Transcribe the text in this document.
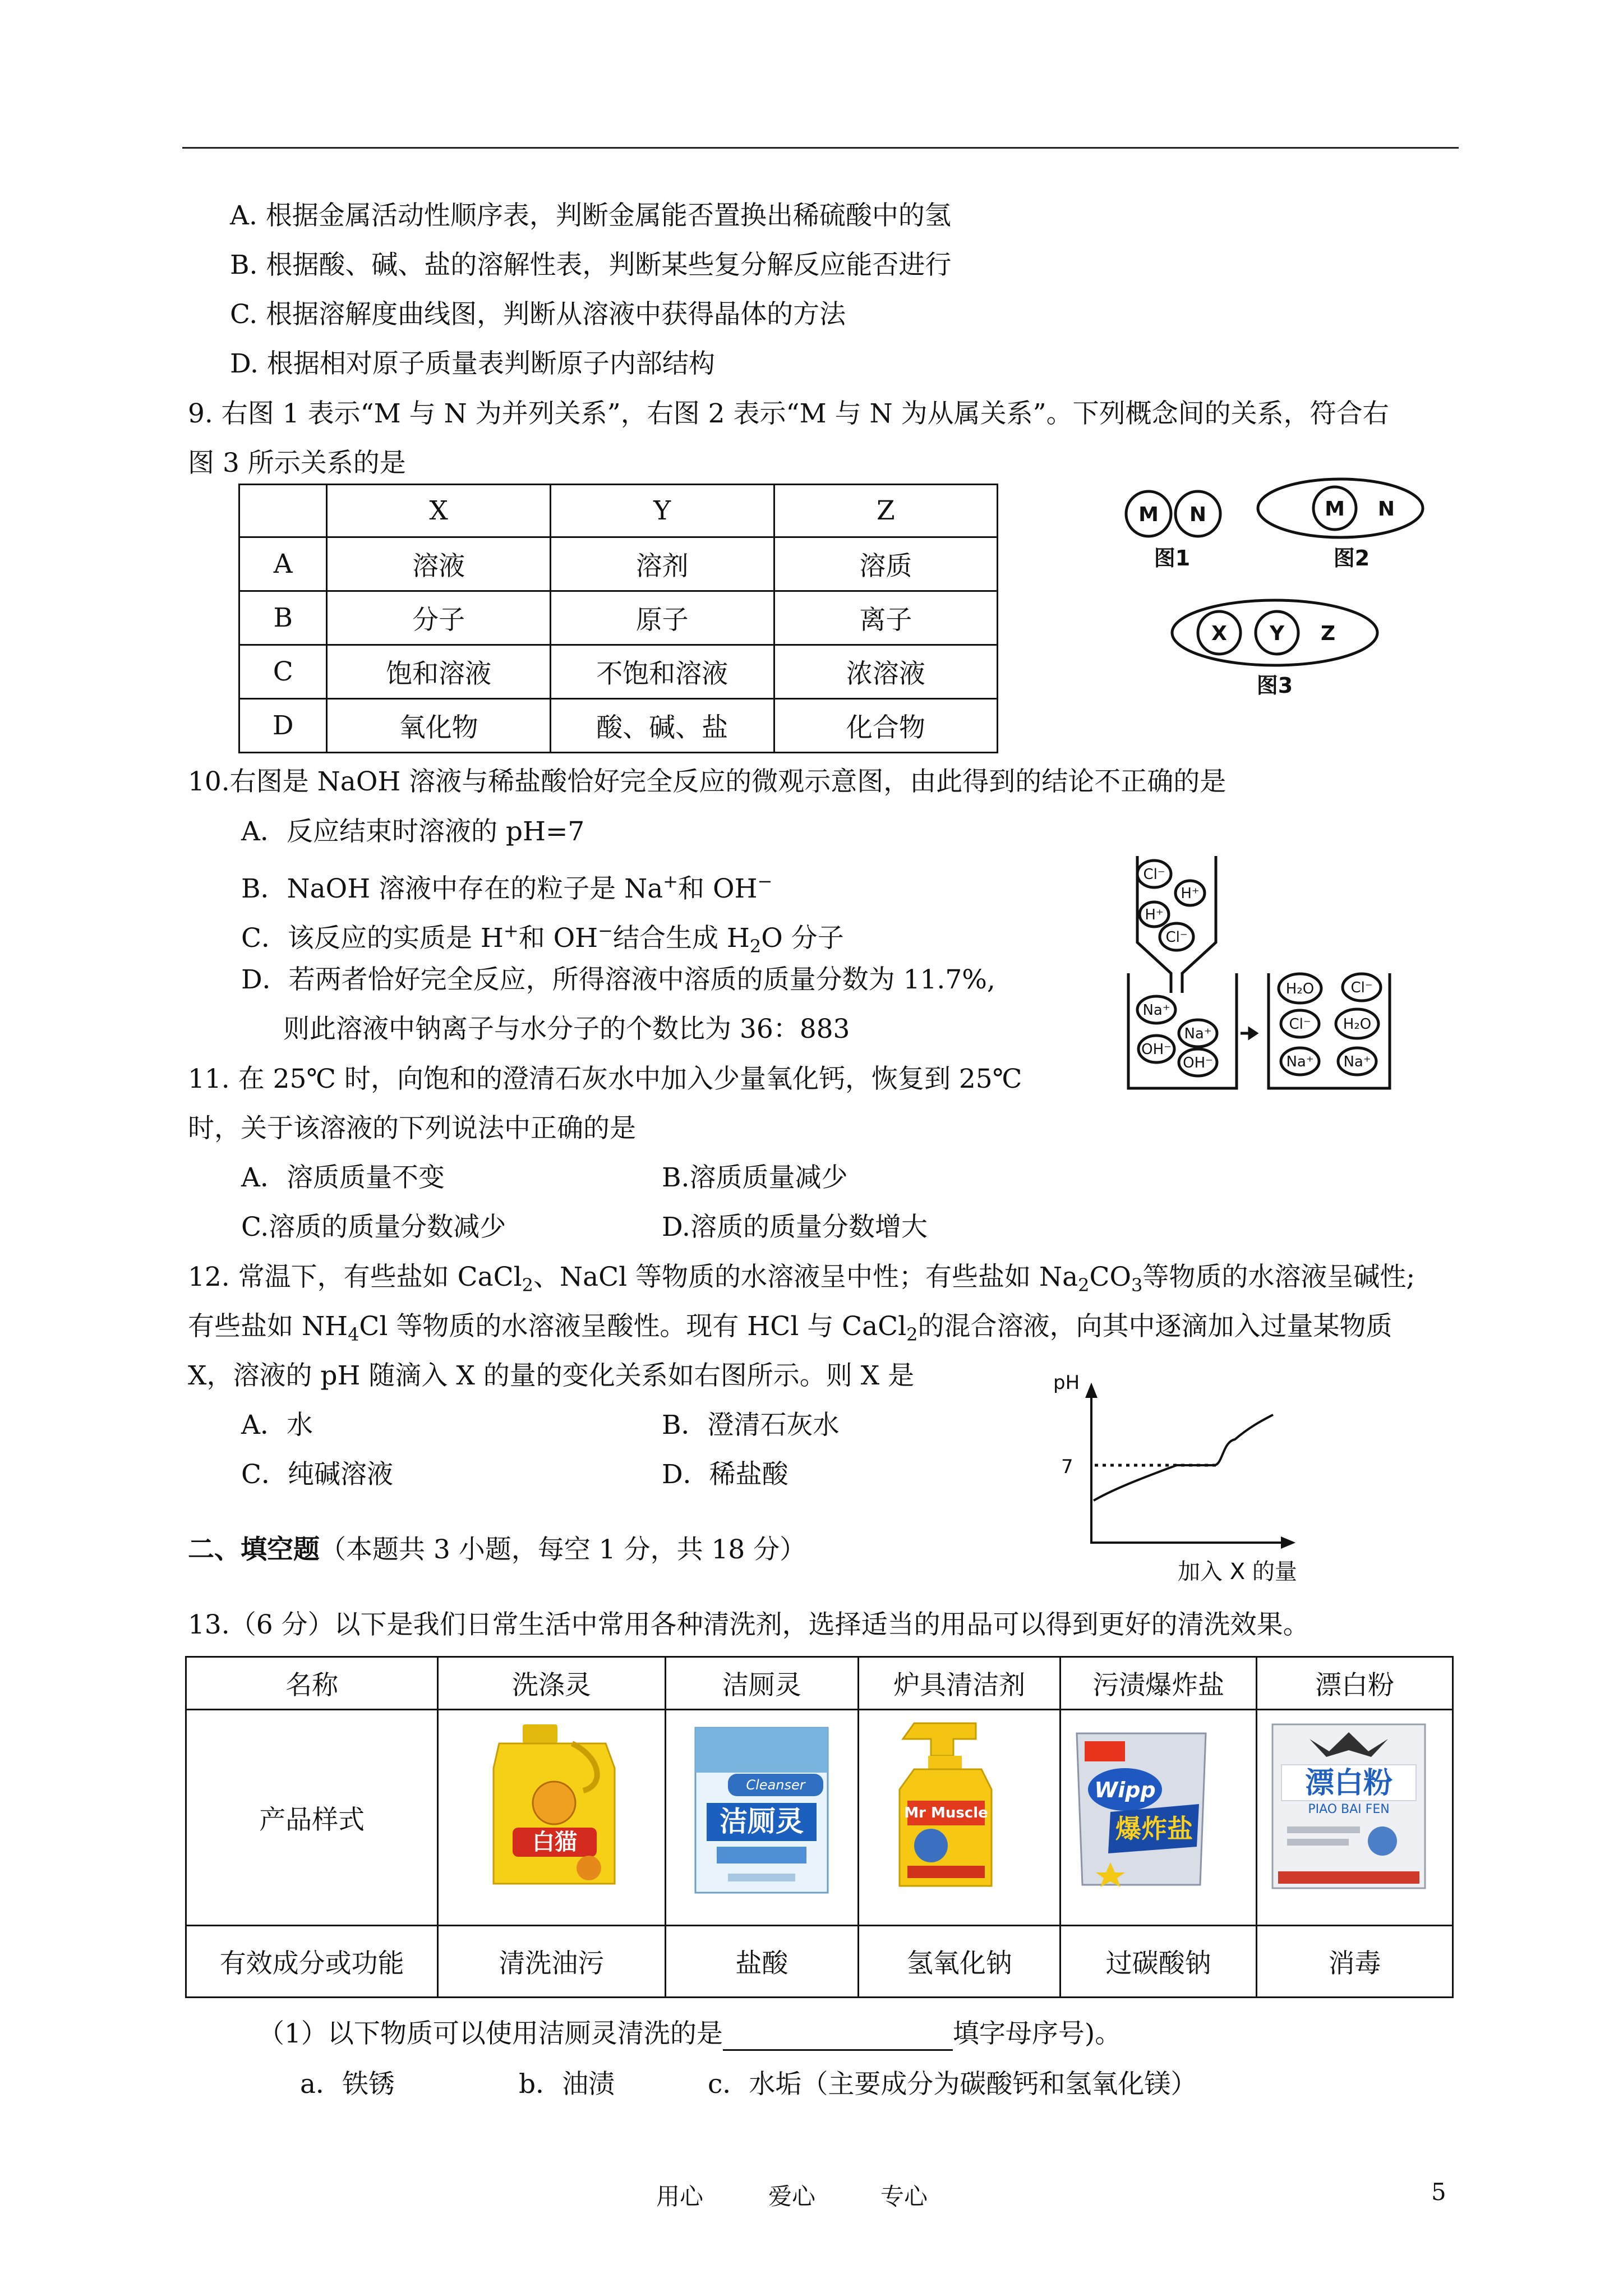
A. 根据金属活动性顺序表，判断金属能否置换出稀硫酸中的氢
B. 根据酸、碱、盐的溶解性表，判断某些复分解反应能否进行
C. 根据溶解度曲线图，判断从溶液中获得晶体的方法
D. 根据相对原子质量表判断原子内部结构
9. 右图 1 表示“M 与 N 为并列关系”，右图 2 表示“M 与 N 为从属关系”。下列概念间的关系，符合右
图 3 所示关系的是
	X	Y	Z
A	溶液	溶剂	溶质
B	分子	原子	离子
C	饱和溶液	不饱和溶液	浓溶液
D	氧化物	酸、碱、盐	化合物
M N	M N
X Y Z
图1	图2
图3
10.右图是 NaOH 溶液与稀盐酸恰好完全反应的微观示意图，由此得到的结论不正确的是
A．反应结束时溶液的 pH=7
B．NaOH 溶液中存在的粒子是 Na+和 OH−
C．该反应的实质是 H+和 OH−结合生成 $H_2O$ 分子
D．若两者恰好完全反应，所得溶液中溶质的质量分数为 11.7%,
则此溶液中钠离子与水分子的个数比为 36：883
Cl⁻
H⁺
H⁺
Cl⁻
Na⁺
Na⁺
OH⁻
OH⁻
H₂O	Cl⁻
Cl⁻ H₂O
Na⁺ Na⁺
11. 在 25℃ 时，向饱和的澄清石灰水中加入少量氧化钙，恢复到 25℃
时，关于该溶液的下列说法中正确的是
A．溶质质量不变	B.溶质质量减少
C.溶质的质量分数减少	D.溶质的质量分数增大
12. 常温下，有些盐如 CaCl$_2$、NaCl 等物质的水溶液呈中性；有些盐如 $Na_2CO_3$等物质的水溶液呈碱性;
有些盐如 $NH_4Cl$ 等物质的水溶液呈酸性。现有 HCl 与 CaCl$_2$的混合溶液，向其中逐滴加入过量某物质
X，溶液的 pH 随滴入 X 的量的变化关系如右图所示。则 X 是
A．水	B．澄清石灰水
C．纯碱溶液	D．稀盐酸
pH
7
加入 X 的量
二、填空题（本题共 3 小题，每空 1 分，共 18 分）
13.（6 分）以下是我们日常生活中常用各种清洗剂，选择适当的用品可以得到更好的清洗效果。
名称	洗涤灵	洁厕灵	炉具清洁剂	污渍爆炸盐	漂白粉
产品样式					
有效成分或功能	清洗油污	盐酸	氢氧化钠	过碳酸钠	消毒
白猫
Cleanser
洁厕灵	Mr Muscle
Wipp
爆炸盐
漂白粉
PIAO BAI FEN
（1）以下物质可以使用洁厕灵清洗的是	填字母序号)。
a．铁锈	b．油渍	c．水垢（主要成分为碳酸钙和氢氧化镁）
用心	爱心	专心	5
